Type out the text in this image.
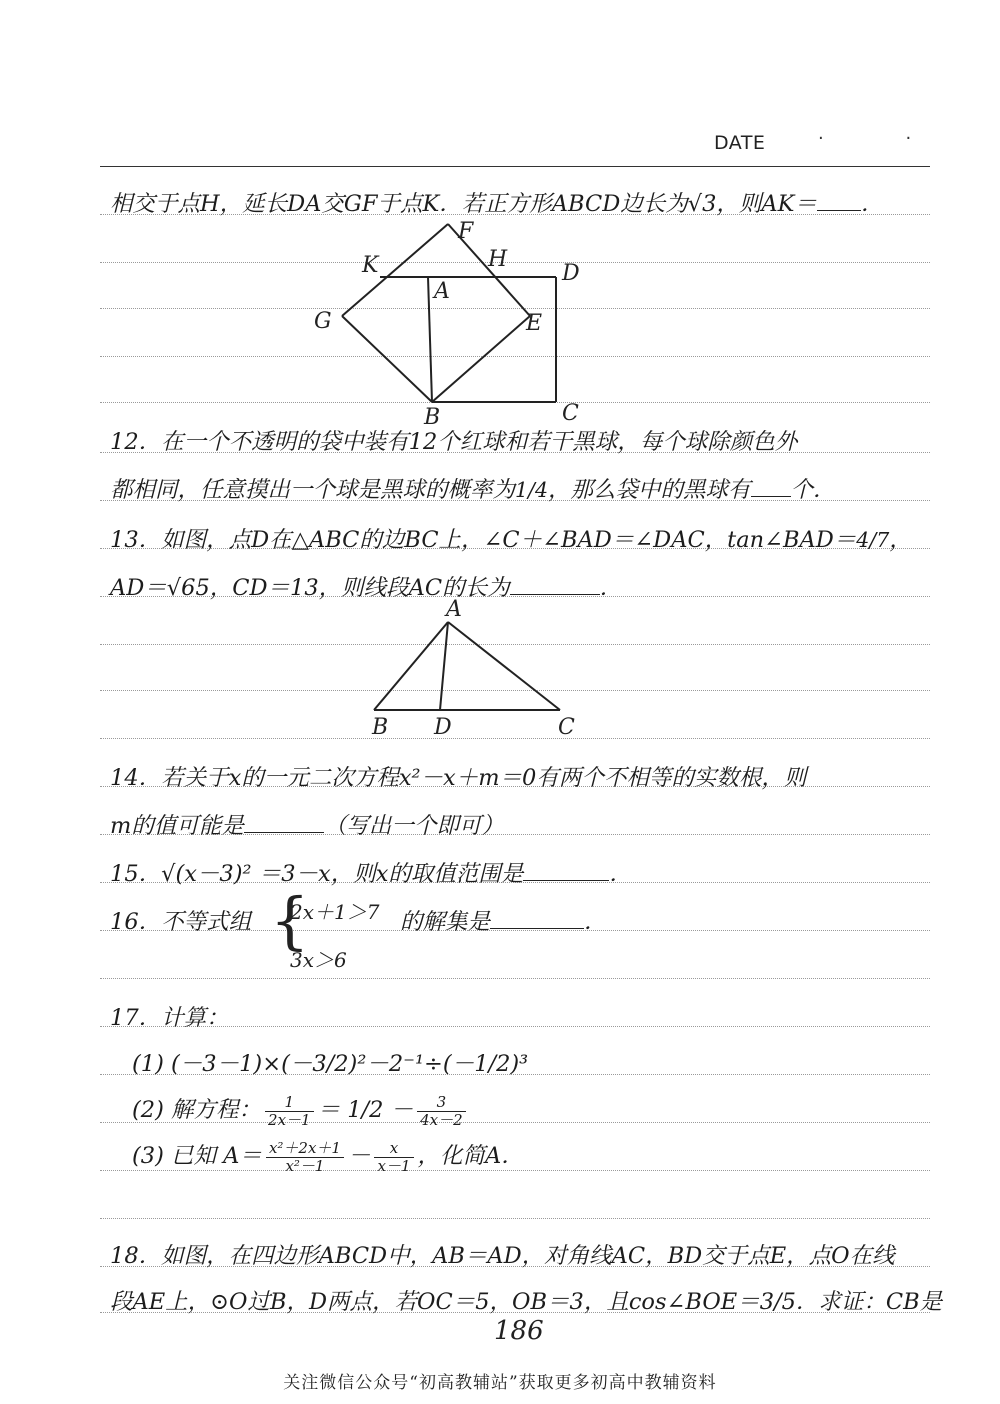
DATE	· ·
相交于点H，延长DA交GF于点K．若正方形ABCD边长为√3，则AK＝ ．
F
H
D
K
A
G	E
B	C
12．在一个不透明的袋中装有12个红球和若干黑球，每个球除颜色外
都相同，任意摸出一个球是黑球的概率为1/4，那么袋中的黑球有 个．
13．如图，点D在△ABC的边BC上，∠C＋∠BAD＝∠DAC，tan∠BAD＝4/7，
AD＝√65，CD＝13，则线段AC的长为	．
A
B D	C
14．若关于x的一元二次方程x²－x＋m＝0有两个不相等的实数根，则
m的值可能是	（写出一个即可）
15．√(x－3)² ＝3－x，则x的取值范围是	．
16．不等式组 {
2x＋1＞7
3x＞6
的解集是	．
17．计算：
(1) (－3－1)×(－3/2)²－2⁻¹÷(－1/2)³
(2) 解方程： $\frac{1}{2x-1} = 1/2 - \frac{3}{4x-2}$
(3) 已知 $A= \frac{\text{x²＋2x＋1}}{\text{x²－1}} - \frac{x}{x-1}$ ，化简A．
18．如图，在四边形ABCD中，AB＝AD，对角线AC，BD交于点E，点O在线
段AE上，⊙O过B，D两点，若OC＝5，OB＝3，且cos∠BOE＝3/5．求证：CB是
186
关注微信公众号“初高教辅站”获取更多初高中教辅资料
